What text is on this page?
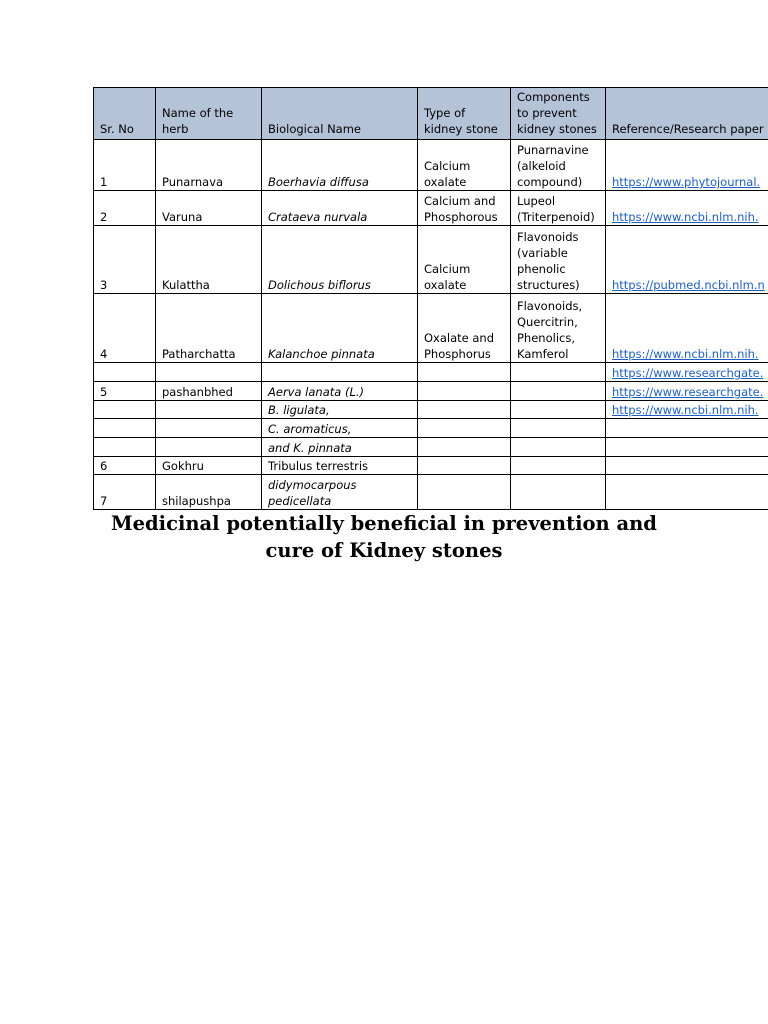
Sr. No	Name of the herb	Biological Name	Type of kidney stone	Components to prevent kidney stones	Reference/Research paper
1	Punarnava	Boerhavia diffusa	Calcium oxalate	Punarnavine (alkeloid compound)	https://www.phytojournal.
2	Varuna	Crataeva nurvala	Calcium and Phosphorous	Lupeol (Triterpenoid)	https://www.ncbi.nlm.nih.
3	Kulattha	Dolichous biflorus	Calcium oxalate	Flavonoids (variable phenolic structures)	https://pubmed.ncbi.nlm.n
4	Patharchatta	Kalanchoe pinnata	Oxalate and Phosphorus	Flavonoids, Quercitrin, Phenolics, Kamferol	https://www.ncbi.nlm.nih.
					https://www.researchgate.
5	pashanbhed	Aerva lanata (L.)			https://www.researchgate.
		B. ligulata,			https://www.ncbi.nlm.nih.
		C. aromaticus,			
		and K. pinnata			
6	Gokhru	Tribulus terrestris			
7	shilapushpa	didymocarpous pedicellata			

Medicinal potentially beneficial in prevention and cure of Kidney stones
